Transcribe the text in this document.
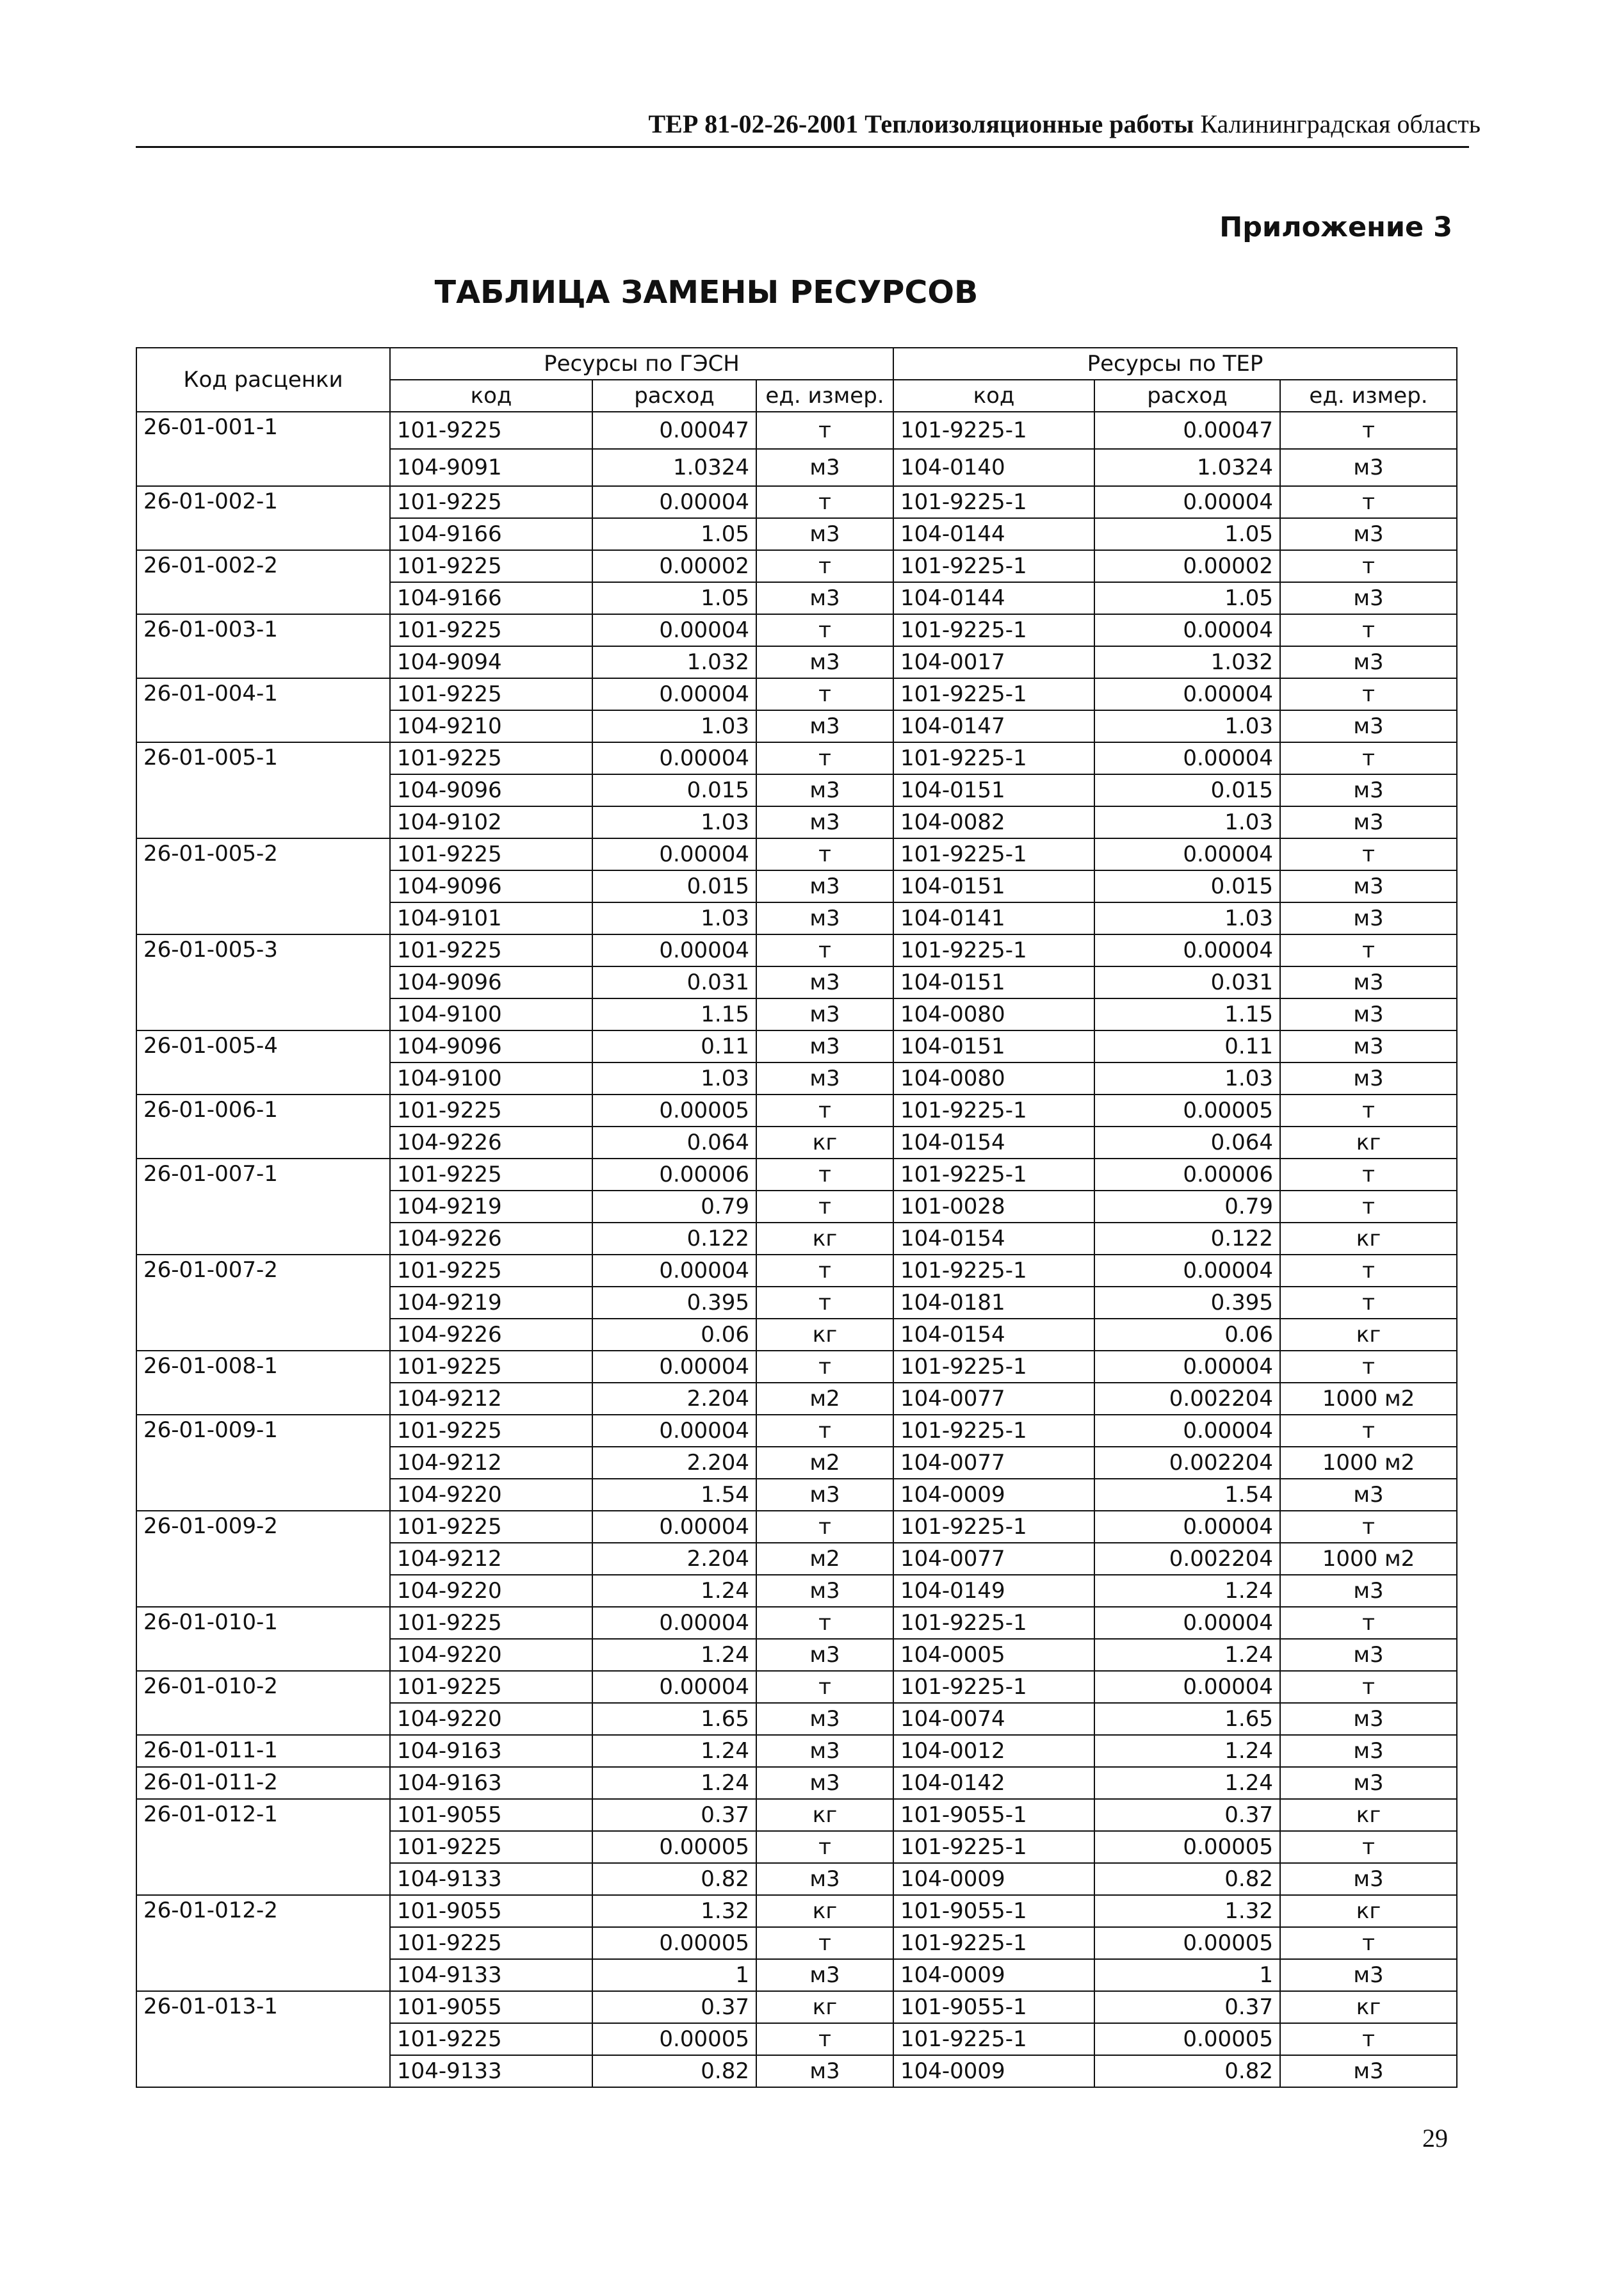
ТЕР 81-02-26-2001 Теплоизоляционные работы Калининградская область
Приложение 3
ТАБЛИЦА ЗАМЕНЫ РЕСУРСОВ
Код расценки	Ресурсы по ГЭСН			Ресурсы по ТЕР		
	код	расход	ед. измер.	код	расход	ед. измер.
26-01-001-1	101-9225	0.00047	т	101-9225-1	0.00047	т
	104-9091	1.0324	м3	104-0140	1.0324	м3
26-01-002-1	101-9225	0.00004	т	101-9225-1	0.00004	т
	104-9166	1.05	м3	104-0144	1.05	м3
26-01-002-2	101-9225	0.00002	т	101-9225-1	0.00002	т
	104-9166	1.05	м3	104-0144	1.05	м3
26-01-003-1	101-9225	0.00004	т	101-9225-1	0.00004	т
	104-9094	1.032	м3	104-0017	1.032	м3
26-01-004-1	101-9225	0.00004	т	101-9225-1	0.00004	т
	104-9210	1.03	м3	104-0147	1.03	м3
26-01-005-1	101-9225	0.00004	т	101-9225-1	0.00004	т
	104-9096	0.015	м3	104-0151	0.015	м3
	104-9102	1.03	м3	104-0082	1.03	м3
26-01-005-2	101-9225	0.00004	т	101-9225-1	0.00004	т
	104-9096	0.015	м3	104-0151	0.015	м3
	104-9101	1.03	м3	104-0141	1.03	м3
26-01-005-3	101-9225	0.00004	т	101-9225-1	0.00004	т
	104-9096	0.031	м3	104-0151	0.031	м3
	104-9100	1.15	м3	104-0080	1.15	м3
26-01-005-4	104-9096	0.11	м3	104-0151	0.11	м3
	104-9100	1.03	м3	104-0080	1.03	м3
26-01-006-1	101-9225	0.00005	т	101-9225-1	0.00005	т
	104-9226	0.064	кг	104-0154	0.064	кг
26-01-007-1	101-9225	0.00006	т	101-9225-1	0.00006	т
	104-9219	0.79	т	101-0028	0.79	т
	104-9226	0.122	кг	104-0154	0.122	кг
26-01-007-2	101-9225	0.00004	т	101-9225-1	0.00004	т
	104-9219	0.395	т	104-0181	0.395	т
	104-9226	0.06	кг	104-0154	0.06	кг
26-01-008-1	101-9225	0.00004	т	101-9225-1	0.00004	т
	104-9212	2.204	м2	104-0077	0.002204	1000 м2
26-01-009-1	101-9225	0.00004	т	101-9225-1	0.00004	т
	104-9212	2.204	м2	104-0077	0.002204	1000 м2
	104-9220	1.54	м3	104-0009	1.54	м3
26-01-009-2	101-9225	0.00004	т	101-9225-1	0.00004	т
	104-9212	2.204	м2	104-0077	0.002204	1000 м2
	104-9220	1.24	м3	104-0149	1.24	м3
26-01-010-1	101-9225	0.00004	т	101-9225-1	0.00004	т
	104-9220	1.24	м3	104-0005	1.24	м3
26-01-010-2	101-9225	0.00004	т	101-9225-1	0.00004	т
	104-9220	1.65	м3	104-0074	1.65	м3
26-01-011-1	104-9163	1.24	м3	104-0012	1.24	м3
26-01-011-2	104-9163	1.24	м3	104-0142	1.24	м3
26-01-012-1	101-9055	0.37	кг	101-9055-1	0.37	кг
	101-9225	0.00005	т	101-9225-1	0.00005	т
	104-9133	0.82	м3	104-0009	0.82	м3
26-01-012-2	101-9055	1.32	кг	101-9055-1	1.32	кг
	101-9225	0.00005	т	101-9225-1	0.00005	т
	104-9133	1	м3	104-0009	1	м3
26-01-013-1	101-9055	0.37	кг	101-9055-1	0.37	кг
	101-9225	0.00005	т	101-9225-1	0.00005	т
	104-9133	0.82	м3	104-0009	0.82	м3
29
